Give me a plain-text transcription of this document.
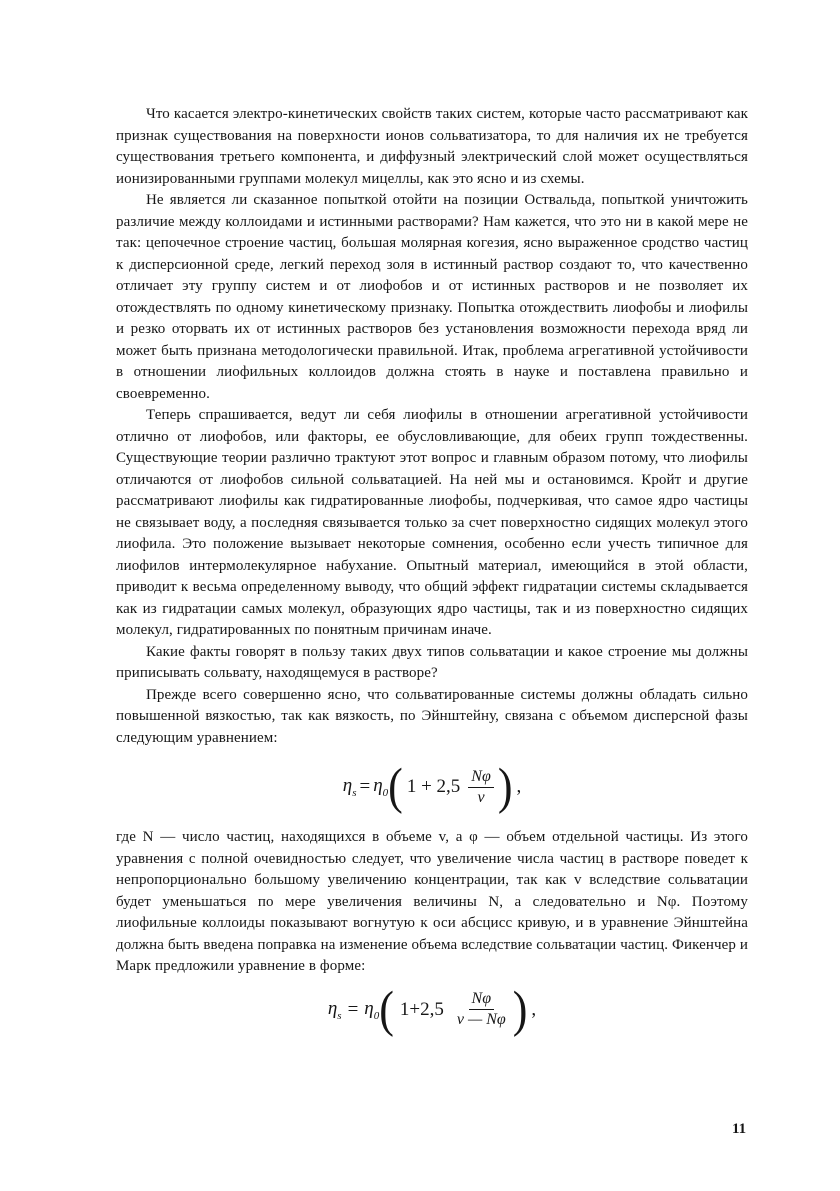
Что касается электро-кинетических свойств таких систем, которые часто рассматривают как признак существования на поверхности ионов сольватизатора, то для наличия их не требуется существования третьего компонента, и диффузный электрический слой может осуществляться ионизированными группами молекул мицеллы, как это ясно и из схемы.

Не является ли сказанное попыткой отойти на позиции Оствальда, попыткой уничтожить различие между коллоидами и истинными растворами? Нам кажется, что это ни в какой мере не так: цепочечное строение частиц, большая молярная когезия, ясно выраженное сродство частиц к дисперсионной среде, легкий переход золя в истинный раствор создают то, что качественно отличает эту группу систем и от лиофобов и от истинных растворов и не позволяет их отождествлять по одному кинетическому признаку. Попытка отождествить лиофобы и лиофилы и резко оторвать их от истинных растворов без установления возможности перехода вряд ли может быть признана методологически правильной. Итак, проблема агрегативной устойчивости в отношении лиофильных коллоидов должна стоять в науке и поставлена правильно и своевременно.

Теперь спрашивается, ведут ли себя лиофилы в отношении агрегативной устойчивости отлично от лиофобов, или факторы, ее обусловливающие, для обеих групп тождественны. Существующие теории различно трактуют этот вопрос и главным образом потому, что лиофилы отличаются от лиофобов сильной сольватацией. На ней мы и остановимся. Кройт и другие рассматривают лиофилы как гидратированные лиофобы, подчеркивая, что самое ядро частицы не связывает воду, а последняя связывается только за счет поверхностно сидящих молекул этого лиофила. Это положение вызывает некоторые сомнения, особенно если учесть типичное для лиофилов интермолекулярное набухание. Опытный материал, имеющийся в этой области, приводит к весьма определенному выводу, что общий эффект гидратации системы складывается как из гидратации самых молекул, образующих ядро частицы, так и из поверхностно сидящих молекул, гидратированных по понятным причинам иначе.

Какие факты говорят в пользу таких двух типов сольватации и какое строение мы должны приписывать сольвату, находящемуся в растворе?

Прежде всего совершенно ясно, что сольватированные системы должны обладать сильно повышенной вязкостью, так как вязкость, по Эйнштейну, связана с объемом дисперсной фазы следующим уравнением:

$\eta_s = \eta_0$ ( $1 + 2,5 \frac{N\varphi}{v}$ ) ,

где N — число частиц, находящихся в объеме v, а φ — объем отдельной частицы. Из этого уравнения с полной очевидностью следует, что увеличение числа частиц в растворе поведет к непропорционально большому увеличению концентрации, так как v вследствие сольватации будет уменьшаться по мере увеличения величины N, а следовательно и Nφ. Поэтому лиофильные коллоиды показывают вогнутую к оси абсцисс кривую, и в уравнение Эйнштейна должна быть введена поправка на изменение объема вследствие сольватации частиц. Фикенчер и Марк предложили уравнение в форме:

$\eta_s = \eta_0$ ( $1+2,5 \frac{N\varphi}{v — N\varphi}$ ) ,
11
